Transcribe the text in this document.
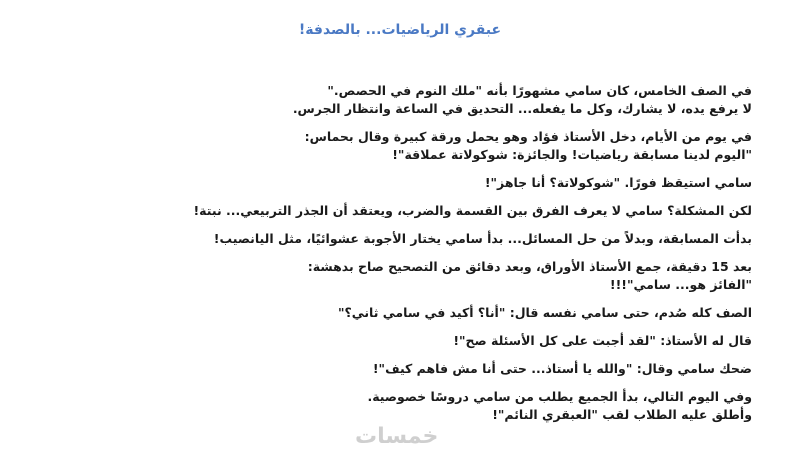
عبقري الرياضيات... بالصدفة!

في الصف الخامس، كان سامي مشهورًا بأنه "ملك النوم في الحصص."

لا يرفع يده، لا يشارك، وكل ما يفعله... التحديق في الساعة وانتظار الجرس.

في يوم من الأيام، دخل الأستاذ فؤاد وهو يحمل ورقة كبيرة وقال بحماس:

"اليوم لدينا مسابقة رياضيات! والجائزة: شوكولاتة عملاقة"!

سامي استيقظ فورًا. "شوكولاتة؟ أنا جاهز"!

لكن المشكلة؟ سامي لا يعرف الفرق بين القسمة والضرب، ويعتقد أن الجذر التربيعي... نبتة!

بدأت المسابقة، وبدلاً من حل المسائل... بدأ سامي يختار الأجوبة عشوائيًا، مثل اليانصيب!

بعد 15 دقيقة، جمع الأستاذ الأوراق، وبعد دقائق من التصحيح صاح بدهشة:

"الفائز هو... سامي"!!!

الصف كله صُدم، حتى سامي نفسه قال: "أنا؟ أكيد في سامي ثاني؟"

قال له الأستاذ: "لقد أجبت على كل الأسئلة صح"!

ضحك سامي وقال: "والله يا أستاذ... حتى أنا مش فاهم كيف"!

وفي اليوم التالي، بدأ الجميع يطلب من سامي دروسًا خصوصية.

وأطلق عليه الطلاب لقب "العبقري النائم"!

خمسات
